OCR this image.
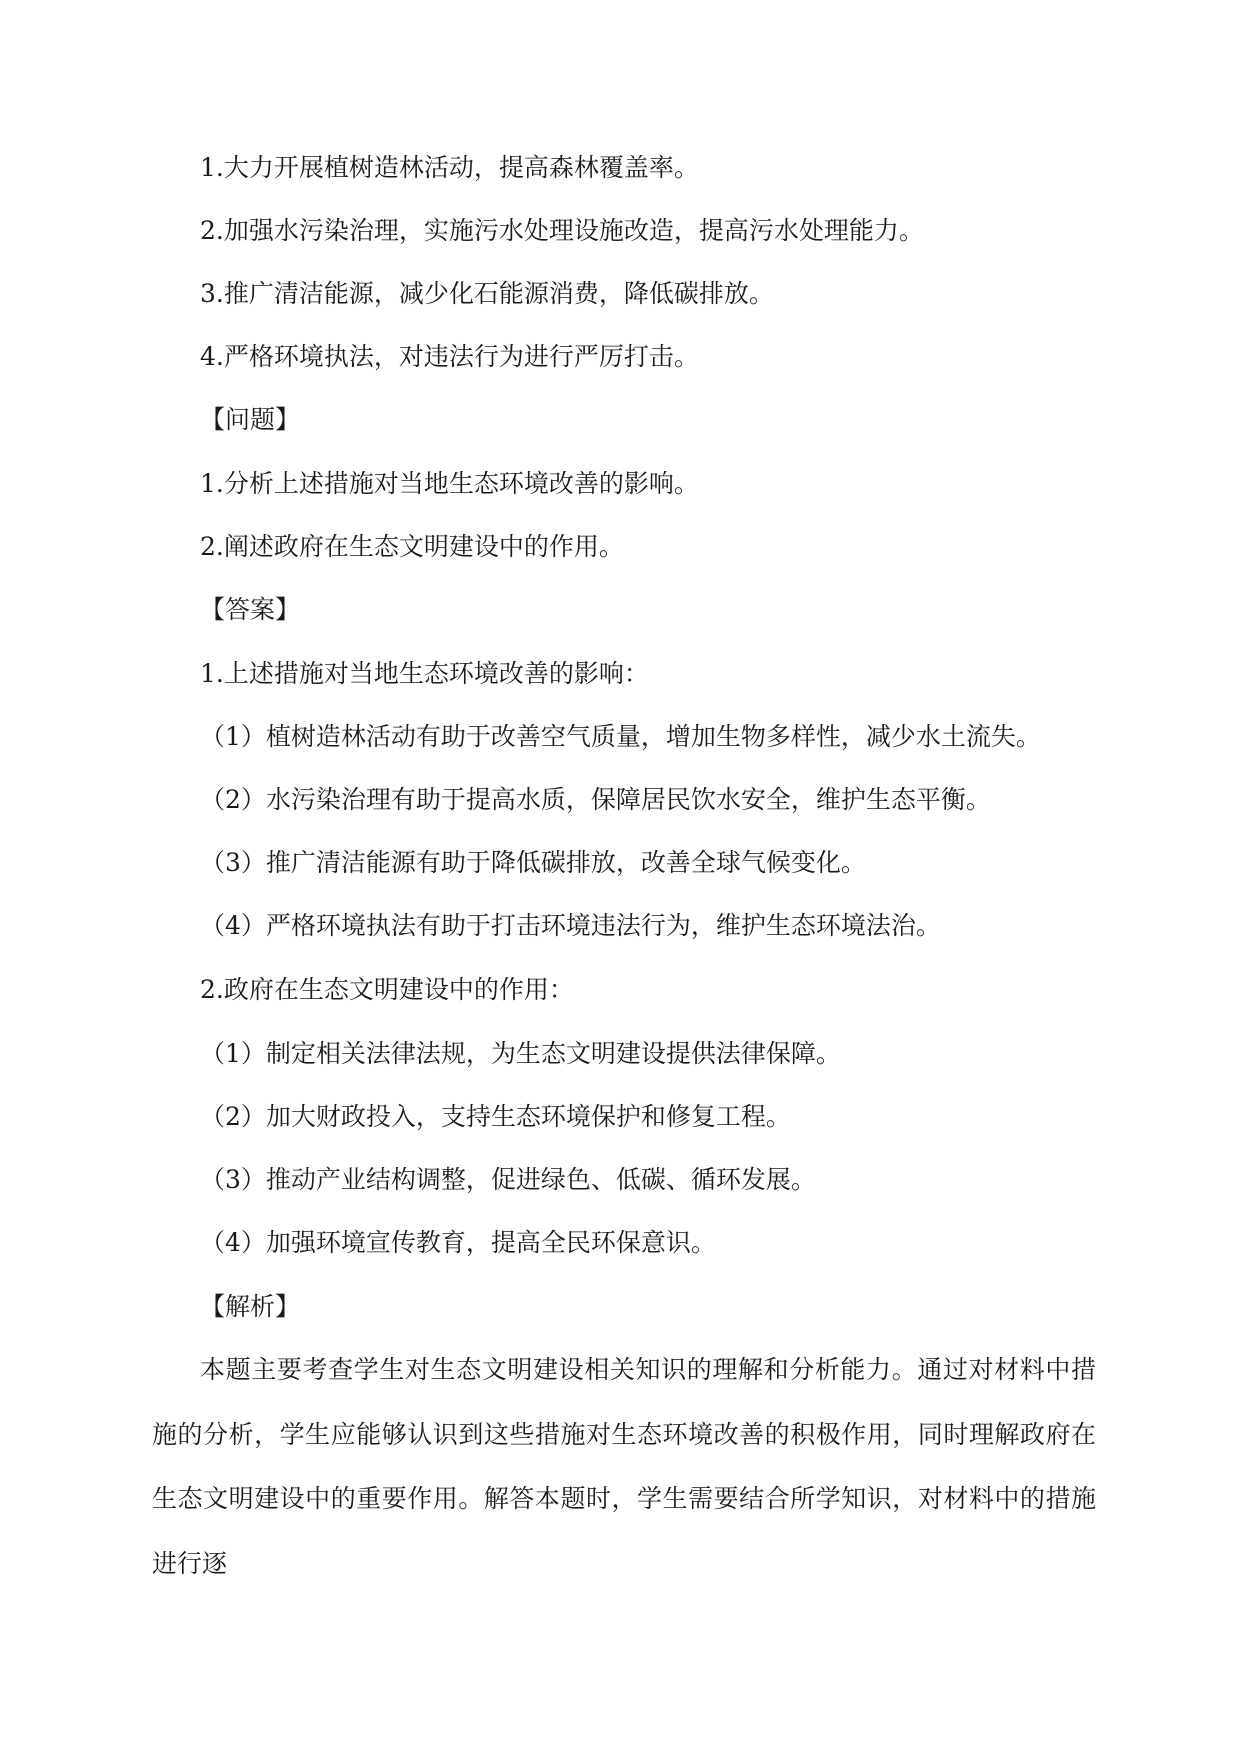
1.大力开展植树造林活动，提高森林覆盖率。
2.加强水污染治理，实施污水处理设施改造，提高污水处理能力。
3.推广清洁能源，减少化石能源消费，降低碳排放。
4.严格环境执法，对违法行为进行严厉打击。
【问题】
1.分析上述措施对当地生态环境改善的影响。
2.阐述政府在生态文明建设中的作用。
【答案】
1.上述措施对当地生态环境改善的影响：
（1）植树造林活动有助于改善空气质量，增加生物多样性，减少水土流失。
（2）水污染治理有助于提高水质，保障居民饮水安全，维护生态平衡。
（3）推广清洁能源有助于降低碳排放，改善全球气候变化。
（4）严格环境执法有助于打击环境违法行为，维护生态环境法治。
2.政府在生态文明建设中的作用：
（1）制定相关法律法规，为生态文明建设提供法律保障。
（2）加大财政投入，支持生态环境保护和修复工程。
（3）推动产业结构调整，促进绿色、低碳、循环发展。
（4）加强环境宣传教育，提高全民环保意识。
【解析】

本题主要考查学生对生态文明建设相关知识的理解和分析能力。通过对材料中措施的分析，学生应能够认识到这些措施对生态环境改善的积极作用，同时理解政府在生态文明建设中的重要作用。解答本题时，学生需要结合所学知识，对材料中的措施进行逐
